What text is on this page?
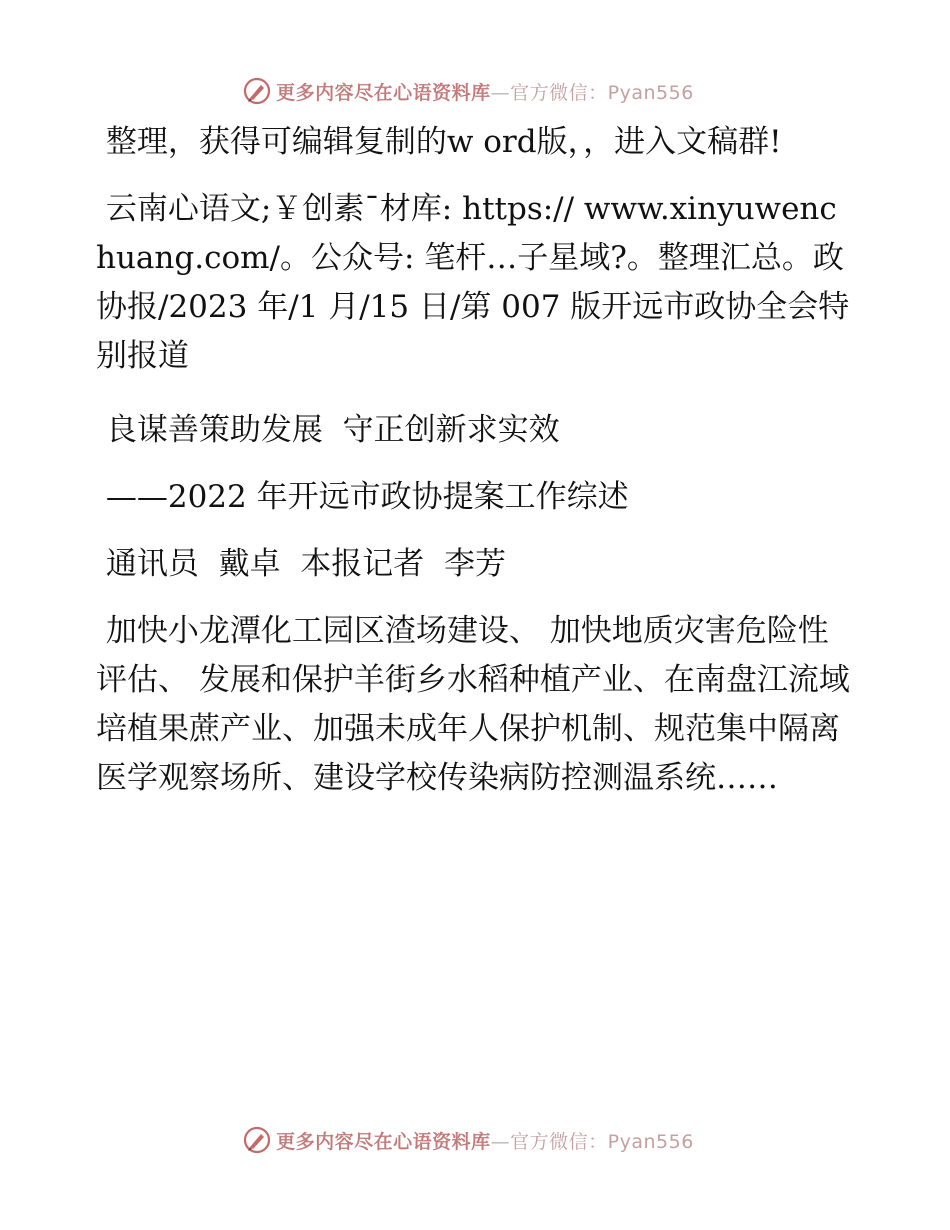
更多内容尽在心语资料库—官方微信：Pyan556

整理，获得可编辑复制的w ord版，，进入文稿群!

云南心语文;￥创素¯材库: https:// www.xinyuwenchuang.com/。公众号: 笔杆…子星域?。整理汇总。政协报/2023 年/1 月/15 日/第 007 版开远市政协全会特别报道

良谋善策助发展  守正创新求实效

——2022 年开远市政协提案工作综述

通讯员  戴卓  本报记者  李芳

加快小龙潭化工园区渣场建设、 加快地质灾害危险性评估、 发展和保护羊街乡水稻种植产业、在南盘江流域培植果蔗产业、加强未成年人保护机制、规范集中隔离医学观察场所、建设学校传染病防控测温系统……

更多内容尽在心语资料库—官方微信：Pyan556
